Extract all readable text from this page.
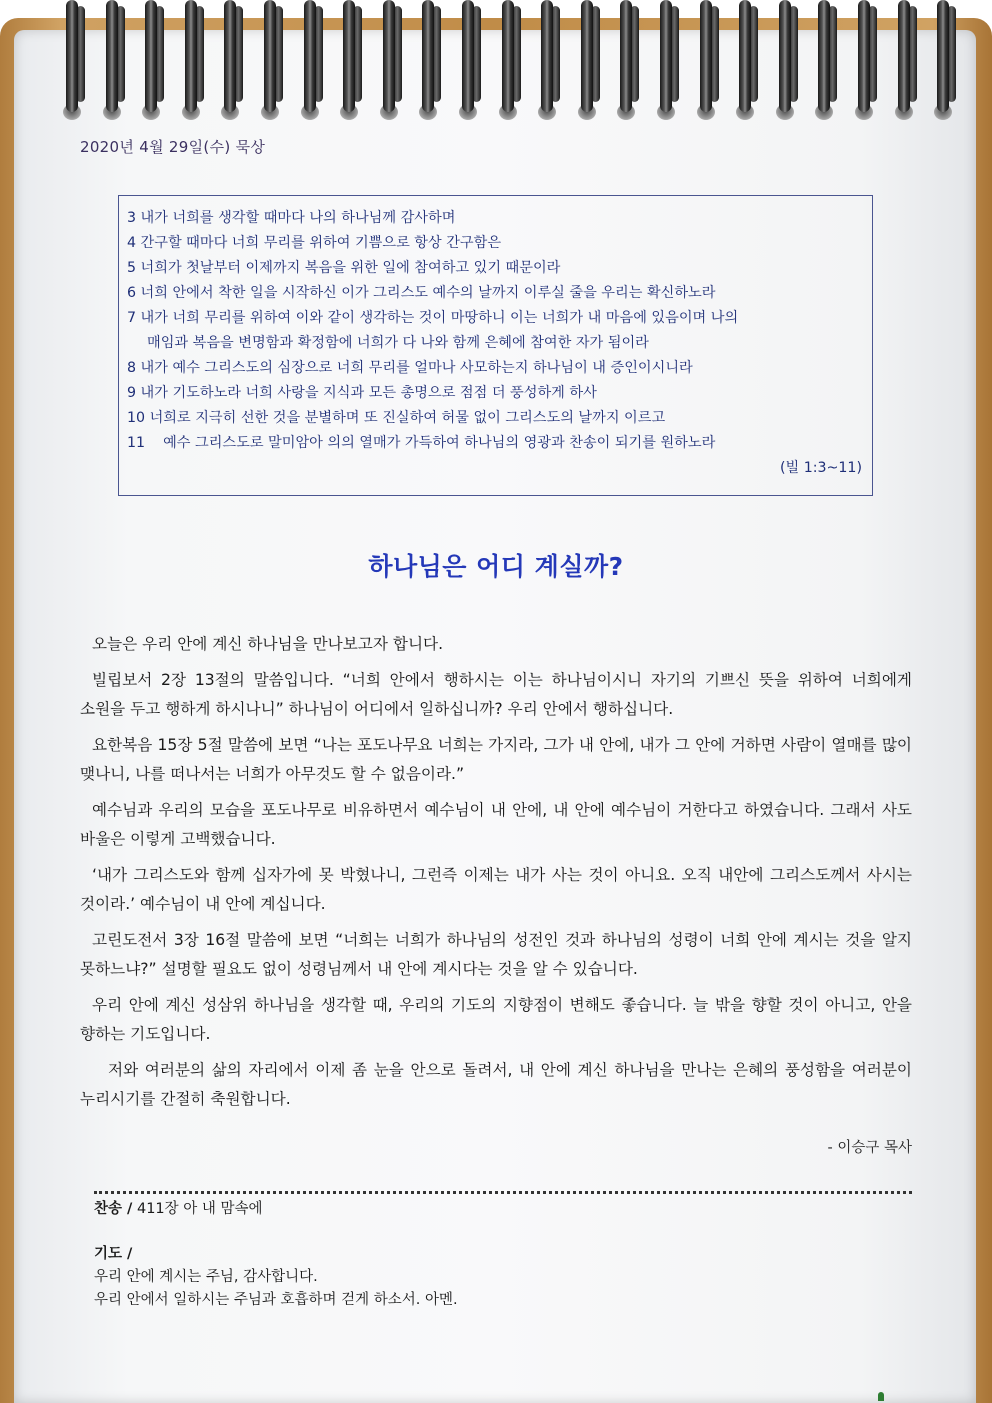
2020년 4월 29일(수) 묵상
3 내가 너희를 생각할 때마다 나의 하나님께 감사하며
4 간구할 때마다 너희 무리를 위하여 기쁨으로 항상 간구함은
5 너희가 첫날부터 이제까지 복음을 위한 일에 참여하고 있기 때문이라
6 너희 안에서 착한 일을 시작하신 이가 그리스도 예수의 날까지 이루실 줄을 우리는 확신하노라
7 내가 너희 무리를 위하여 이와 같이 생각하는 것이 마땅하니 이는 너희가 내 마음에 있음이며 나의
매임과 복음을 변명함과 확정함에 너희가 다 나와 함께 은혜에 참여한 자가 됨이라
8 내가 예수 그리스도의 심장으로 너희 무리를 얼마나 사모하는지 하나님이 내 증인이시니라
9 내가 기도하노라 너희 사랑을 지식과 모든 총명으로 점점 더 풍성하게 하사
10 너희로 지극히 선한 것을 분별하며 또 진실하여 허물 없이 그리스도의 날까지 이르고
11    예수 그리스도로 말미암아 의의 열매가 가득하여 하나님의 영광과 찬송이 되기를 원하노라
(빌 1:3~11)
하나님은 어디 계실까?

오늘은 우리 안에 계신 하나님을 만나보고자 합니다.

빌립보서 2장 13절의 말씀입니다. “너희 안에서 행하시는 이는 하나님이시니 자기의 기쁘신 뜻을 위하여 너희에게 소원을 두고 행하게 하시나니” 하나님이 어디에서 일하십니까? 우리 안에서 행하십니다.

요한복음 15장 5절 말씀에 보면 “나는 포도나무요 너희는 가지라, 그가 내 안에, 내가 그 안에 거하면 사람이 열매를 많이 맺나니, 나를 떠나서는 너희가 아무것도 할 수 없음이라.”

예수님과 우리의 모습을 포도나무로 비유하면서 예수님이 내 안에, 내 안에 예수님이 거한다고 하였습니다. 그래서 사도 바울은 이렇게 고백했습니다.

‘내가 그리스도와 함께 십자가에 못 박혔나니, 그런즉 이제는 내가 사는 것이 아니요. 오직 내안에 그리스도께서 사시는 것이라.’ 예수님이 내 안에 계십니다.

고린도전서 3장 16절 말씀에 보면 “너희는 너희가 하나님의 성전인 것과 하나님의 성령이 너희 안에 계시는 것을 알지 못하느냐?” 설명할 필요도 없이 성령님께서 내 안에 계시다는 것을 알 수 있습니다.

우리 안에 계신 성삼위 하나님을 생각할 때, 우리의 기도의 지향점이 변해도 좋습니다. 늘 밖을 향할 것이 아니고, 안을 향하는 기도입니다.

저와 여러분의 삶의 자리에서 이제 좀 눈을 안으로 돌려서, 내 안에 계신 하나님을 만나는 은혜의 풍성함을 여러분이 누리시기를 간절히 축원합니다.

- 이승구 목사
찬송 / 411장 아 내 맘속에
기도 /
우리 안에 계시는 주님, 감사합니다.
우리 안에서 일하시는 주님과 호흡하며 걷게 하소서. 아멘.
